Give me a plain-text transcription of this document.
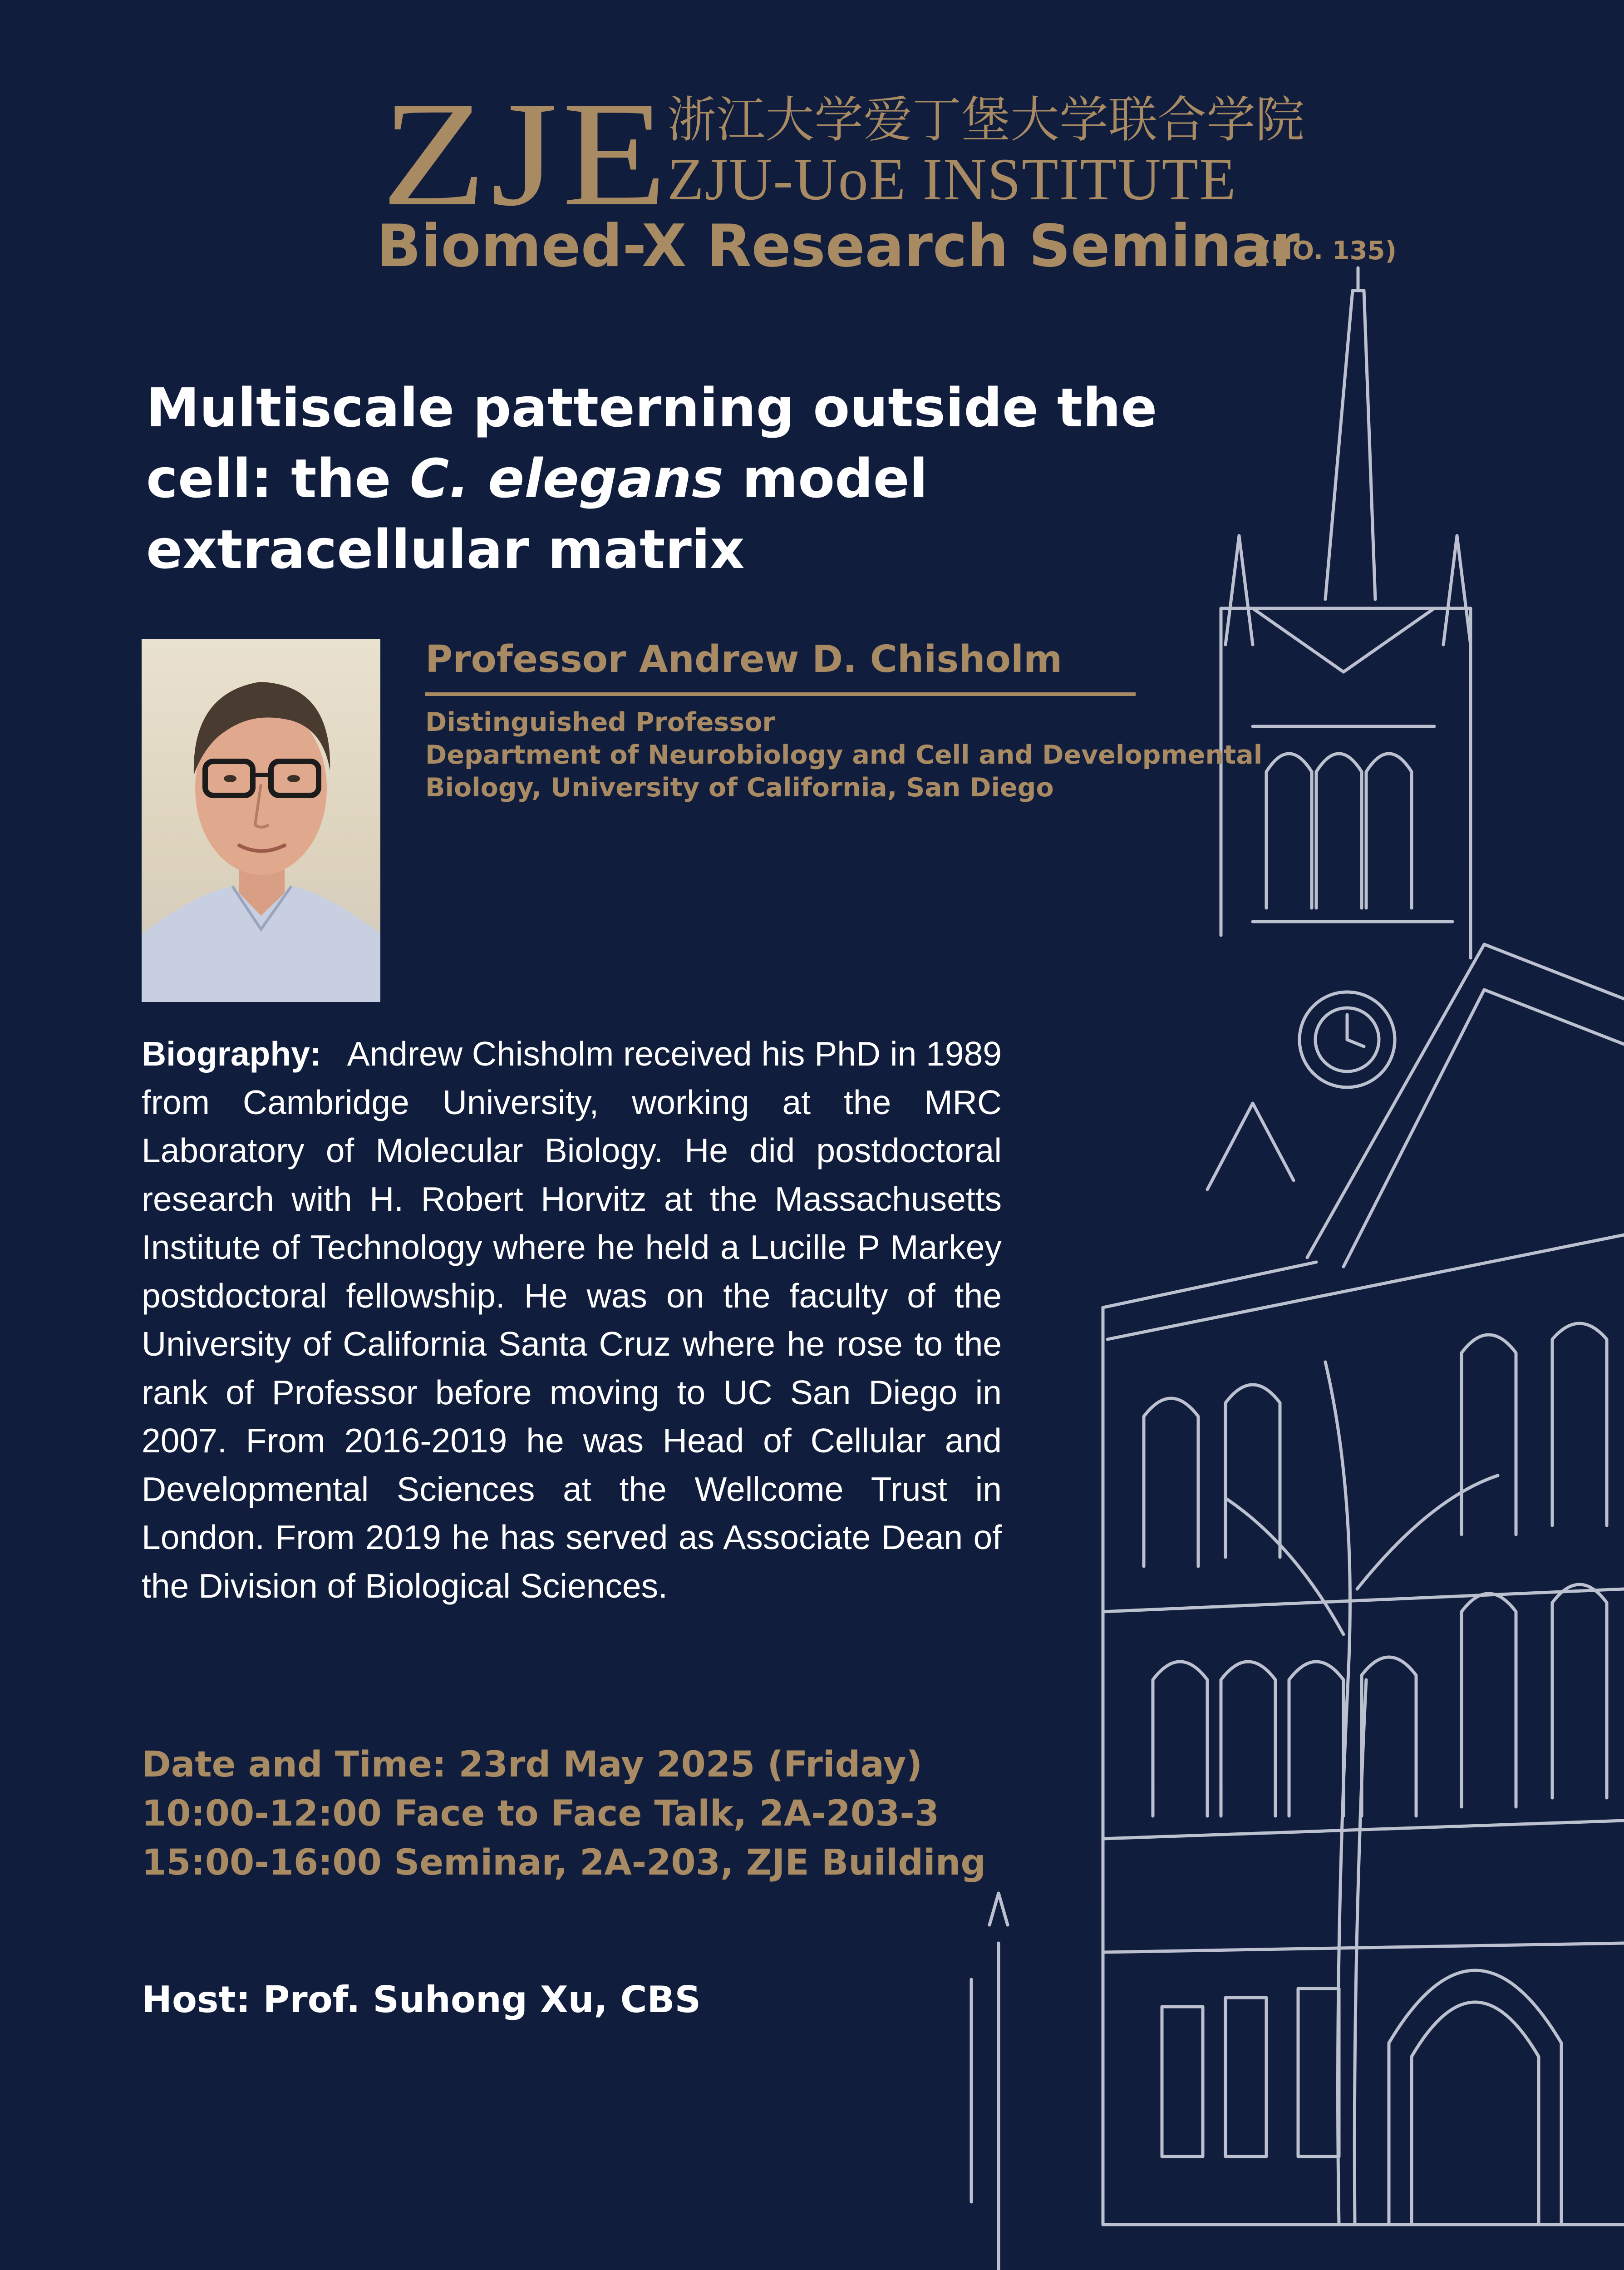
ZJE
浙江大学爱丁堡大学联合学院
ZJU-UoE INSTITUTE
Biomed-X Research Seminar
(NO. 135)
Multiscale patterning outside the cell: the C. elegans model extracellular matrix
Professor Andrew D. Chisholm
Distinguished Professor
Department of Neurobiology and Cell and Developmental
Biology, University of California, San Diego
Biography: Andrew Chisholm received his PhD in 1989 from Cambridge University, working at the MRC Laboratory of Molecular Biology. He did postdoctoral research with H. Robert Horvitz at the Massachusetts Institute of Technology where he held a Lucille P Markey postdoctoral fellowship. He was on the faculty of the University of California Santa Cruz where he rose to the rank of Professor before moving to UC San Diego in 2007. From 2016-2019 he was Head of Cellular and Developmental Sciences at the Wellcome Trust in London. From 2019 he has served as Associate Dean of the Division of Biological Sciences.
Date and Time: 23rd May 2025 (Friday)
10:00-12:00 Face to Face Talk, 2A-203-3
15:00-16:00 Seminar, 2A-203, ZJE Building
Host: Prof. Suhong Xu, CBS
